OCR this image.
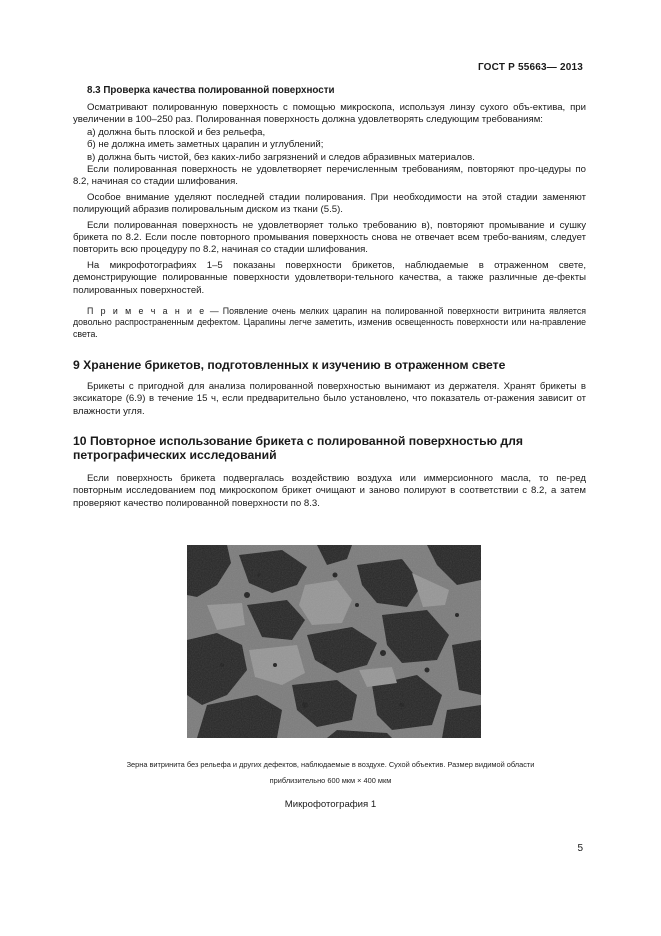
ГОСТ Р 55663— 2013
8.3 Проверка качества полированной поверхности

Осматривают полированную поверхность с помощью микроскопа, используя линзу сухого объ-ектива, при увеличении в 100–250 раз. Полированная поверхность должна удовлетворять следующим требованиям:

а) должна быть плоской и без рельефа,

б) не должна иметь заметных царапин и углублений;

в) должна быть чистой, без каких-либо загрязнений и следов абразивных материалов.

Если полированная поверхность не удовлетворяет перечисленным требованиям, повторяют про-цедуры по 8.2, начиная со стадии шлифования.

Особое внимание уделяют последней стадии полирования. При необходимости на этой стадии заменяют полирующий абразив полировальным диском из ткани (5.5).

Если полированная поверхность не удовлетворяет только требованию в), повторяют промывание и сушку брикета по 8.2. Если после повторного промывания поверхность снова не отвечает всем требо-ваниям, следует повторить всю процедуру по 8.2, начиная со стадии шлифования.

На микрофотографиях 1–5 показаны поверхности брикетов, наблюдаемые в отраженном свете, демонстрирующие полированные поверхности удовлетвори-тельного качества, а также различные де-фекты полированных поверхностей.

П р и м е ч а н и е — Появление очень мелких царапин на полированной поверхности витринита является довольно распространенным дефектом. Царапины легче заметить, изменив освещенность поверхности или на-правление света.

9 Хранение брикетов, подготовленных к изучению в отраженном свете

Брикеты с пригодной для анализа полированной поверхностью вынимают из держателя. Хранят брикеты в эксикаторе (6.9) в течение 15 ч, если предварительно было установлено, что показатель от-ражения зависит от влажности угля.

10 Повторное использование брикета с полированной поверхностью для петрографических исследований

Если поверхность брикета подвергалась воздействию воздуха или иммерсионного масла, то пе-ред повторным исследованием под микроскопом брикет очищают и заново полируют в соответствии с 8.2, а затем проверяют качество полированной поверхности по 8.3.

Зерна витринита без рельефа и других дефектов, наблюдаемые в воздухе. Сухой объектив. Размер видимой области
приблизительно 600 мкм × 400 мкм
Микрофотография 1
5
